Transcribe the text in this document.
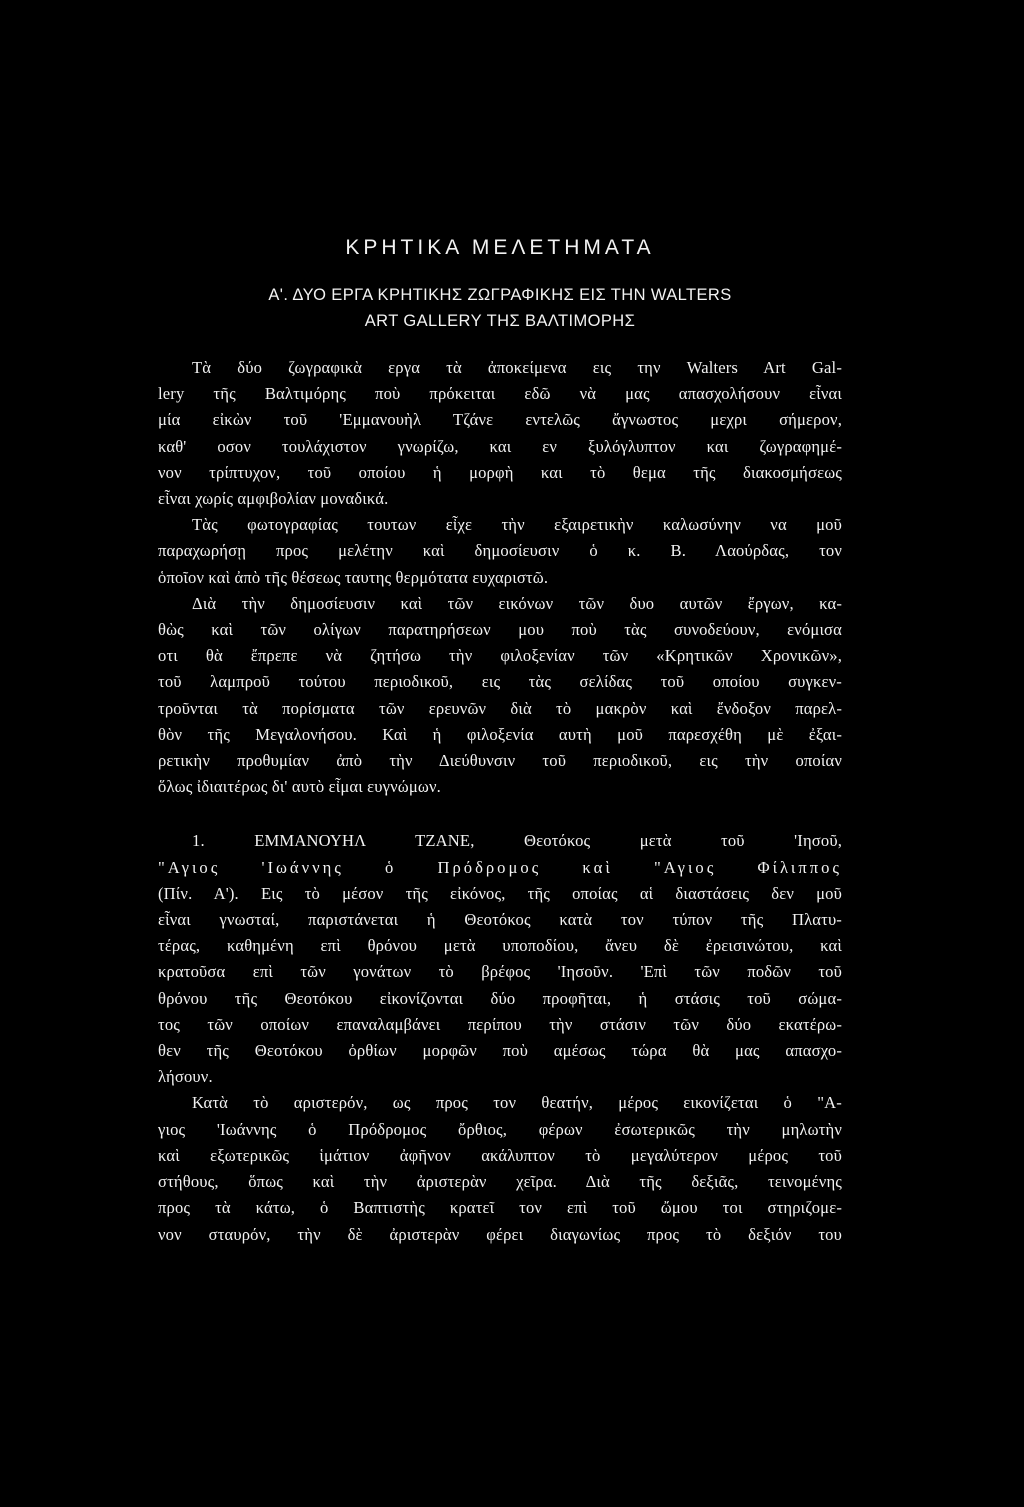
ΚΡΗΤΙΚΑ ΜΕΛΕΤΗΜΑΤΑ
Α'. ΔΥΟ ΕΡΓΑ ΚΡΗΤΙΚΗΣ ΖΩΓΡΑΦΙΚΗΣ ΕΙΣ ΤΗΝ WALTERS
ART GALLERY ΤΗΣ ΒΑΛΤΙΜΟΡΗΣ
Τὰ δύο ζωγραφικὰ εργα τὰ ἀποκείμενα εις την Walters Art Gal-
lery τῆς Βαλτιμόρης ποὺ πρόκειται εδῶ νὰ μας απασχολήσουν εἶναι
μία εἰκὼν τοῦ 'Εμμανουὴλ Τζάνε εντελῶς ἄγνωστος μεχρι σήμερον,
καθ' οσον τουλάχιστον γνωρίζω, και εν ξυλόγλυπτον και ζωγραφημέ-
νον τρίπτυχον, τοῦ οποίου ἡ μορφὴ και τὸ θεμα τῆς διακοσμήσεως
εἶναι χωρίς αμφιβολίαν μοναδικά.
Τὰς φωτογραφίας τουτων εἶχε τὴν εξαιρετικὴν καλωσύνην να μοῦ
παραχωρήσῃ προς μελέτην καὶ δημοσίευσιν ὁ κ. Β. Λαούρδας, τον
ὁποῖον καὶ ἀπὸ τῆς θέσεως ταυτης θερμότατα ευχαριστῶ.
Διὰ τὴν δημοσίευσιν καὶ τῶν εικόνων τῶν δυο αυτῶν ἔργων, κα-
θὼς καὶ τῶν ολίγων παρατηρήσεων μου ποὺ τὰς συνοδεύουν, ενόμισα
οτι θὰ ἔπρεπε νὰ ζητήσω τὴν φιλοξενίαν τῶν «Κρητικῶν Χρονικῶν»,
τοῦ λαμπροῦ τούτου περιοδικοῦ, εις τὰς σελίδας τοῦ οποίου συγκεν-
τροῦνται τὰ πορίσματα τῶν ερευνῶν διὰ τὸ μακρὸν καὶ ἔνδοξον παρελ-
θὸν τῆς Μεγαλονήσου. Καὶ ἡ φιλοξενία αυτὴ μοῦ παρεσχέθη μὲ ἐξαι-
ρετικὴν προθυμίαν ἀπὸ τὴν Διεύθυνσιν τοῦ περιοδικοῦ, εις τὴν οποίαν
ὅλως ἰδιαιτέρως δι' αυτὸ εἶμαι ευγνώμων.
1. ΕΜΜΑΝΟΥΗΛ ΤΖΑΝΕ, Θεοτόκος μετὰ τοῦ 'Ιησοῦ,
"Αγιος 'Ιωάννης ὁ Πρόδρομος καὶ "Αγιος Φίλιππος
(Πίν. Α'). Εις τὸ μέσον τῆς εἰκόνος, τῆς οποίας αἱ διαστάσεις δεν μοῦ
εἶναι γνωσταί, παριστάνεται ἡ Θεοτόκος κατὰ τον τύπον τῆς Πλατυ-
τέρας, καθημένη επὶ θρόνου μετὰ υποποδίου, ἄνευ δὲ ἐρεισινώτου, καὶ
κρατοῦσα επὶ τῶν γονάτων τὸ βρέφος 'Ιησοῦν. 'Επὶ τῶν ποδῶν τοῦ
θρόνου τῆς Θεοτόκου εἰκονίζονται δύο προφῆται, ἡ στάσις τοῦ σώμα-
τος τῶν οποίων επαναλαμβάνει περίπου τὴν στάσιν τῶν δύο εκατέρω-
θεν τῆς Θεοτόκου ὀρθίων μορφῶν ποὺ αμέσως τώρα θὰ μας απασχο-
λήσουν.
Κατὰ τὸ αριστερόν, ως προς τον θεατήν, μέρος εικονίζεται ὁ "Α-
γιος 'Ιωάννης ὁ Πρόδρομος ὄρθιος, φέρων ἐσωτερικῶς τὴν μηλωτὴν
καὶ εξωτερικῶς ἱμάτιον ἀφῆνον ακάλυπτον τὸ μεγαλύτερον μέρος τοῦ
στήθους, ὅπως καὶ τὴν ἀριστερὰν χεῖρα. Διὰ τῆς δεξιᾶς, τεινομένης
προς τὰ κάτω, ὁ Βαπτιστὴς κρατεῖ τον επὶ τοῦ ὤμου τοι στηριζομε-
νον σταυρόν, τὴν δὲ ἀριστερὰν φέρει διαγωνίως προς τὸ δεξιόν του
